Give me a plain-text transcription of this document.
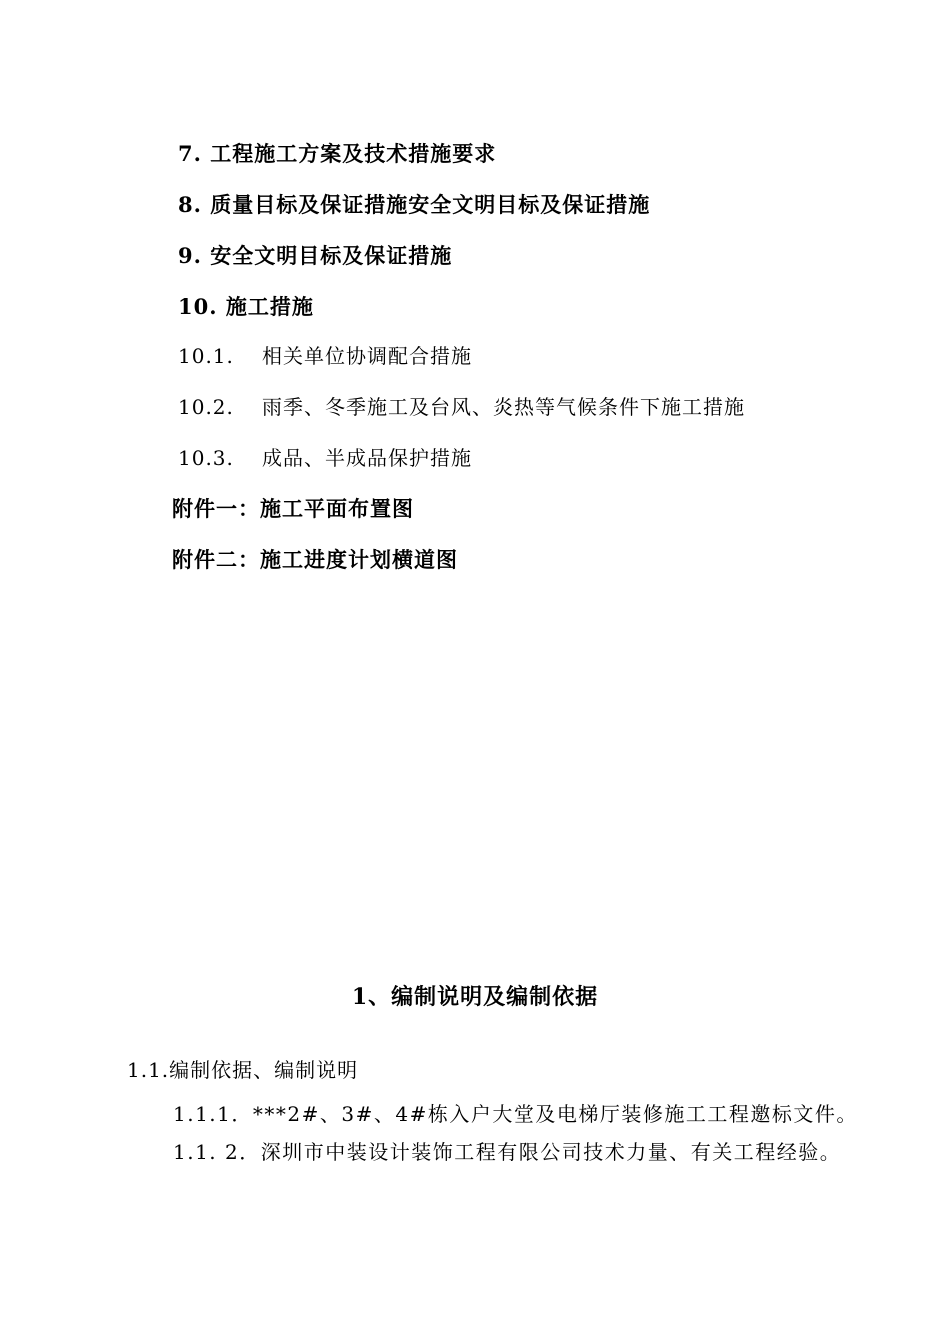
7. 工程施工方案及技术措施要求
8. 质量目标及保证措施安全文明目标及保证措施
9. 安全文明目标及保证措施
10. 施工措施
10.1. 相关单位协调配合措施
10.2. 雨季、冬季施工及台风、炎热等气候条件下施工措施
10.3. 成品、半成品保护措施
附件一：施工平面布置图
附件二：施工进度计划横道图
1、编制说明及编制依据
1.1.编制依据、编制说明
1.1.1．***2#、3#、4#栋入户大堂及电梯厅装修施工工程邀标文件。
1.1. 2．深圳市中装设计装饰工程有限公司技术力量、有关工程经验。
